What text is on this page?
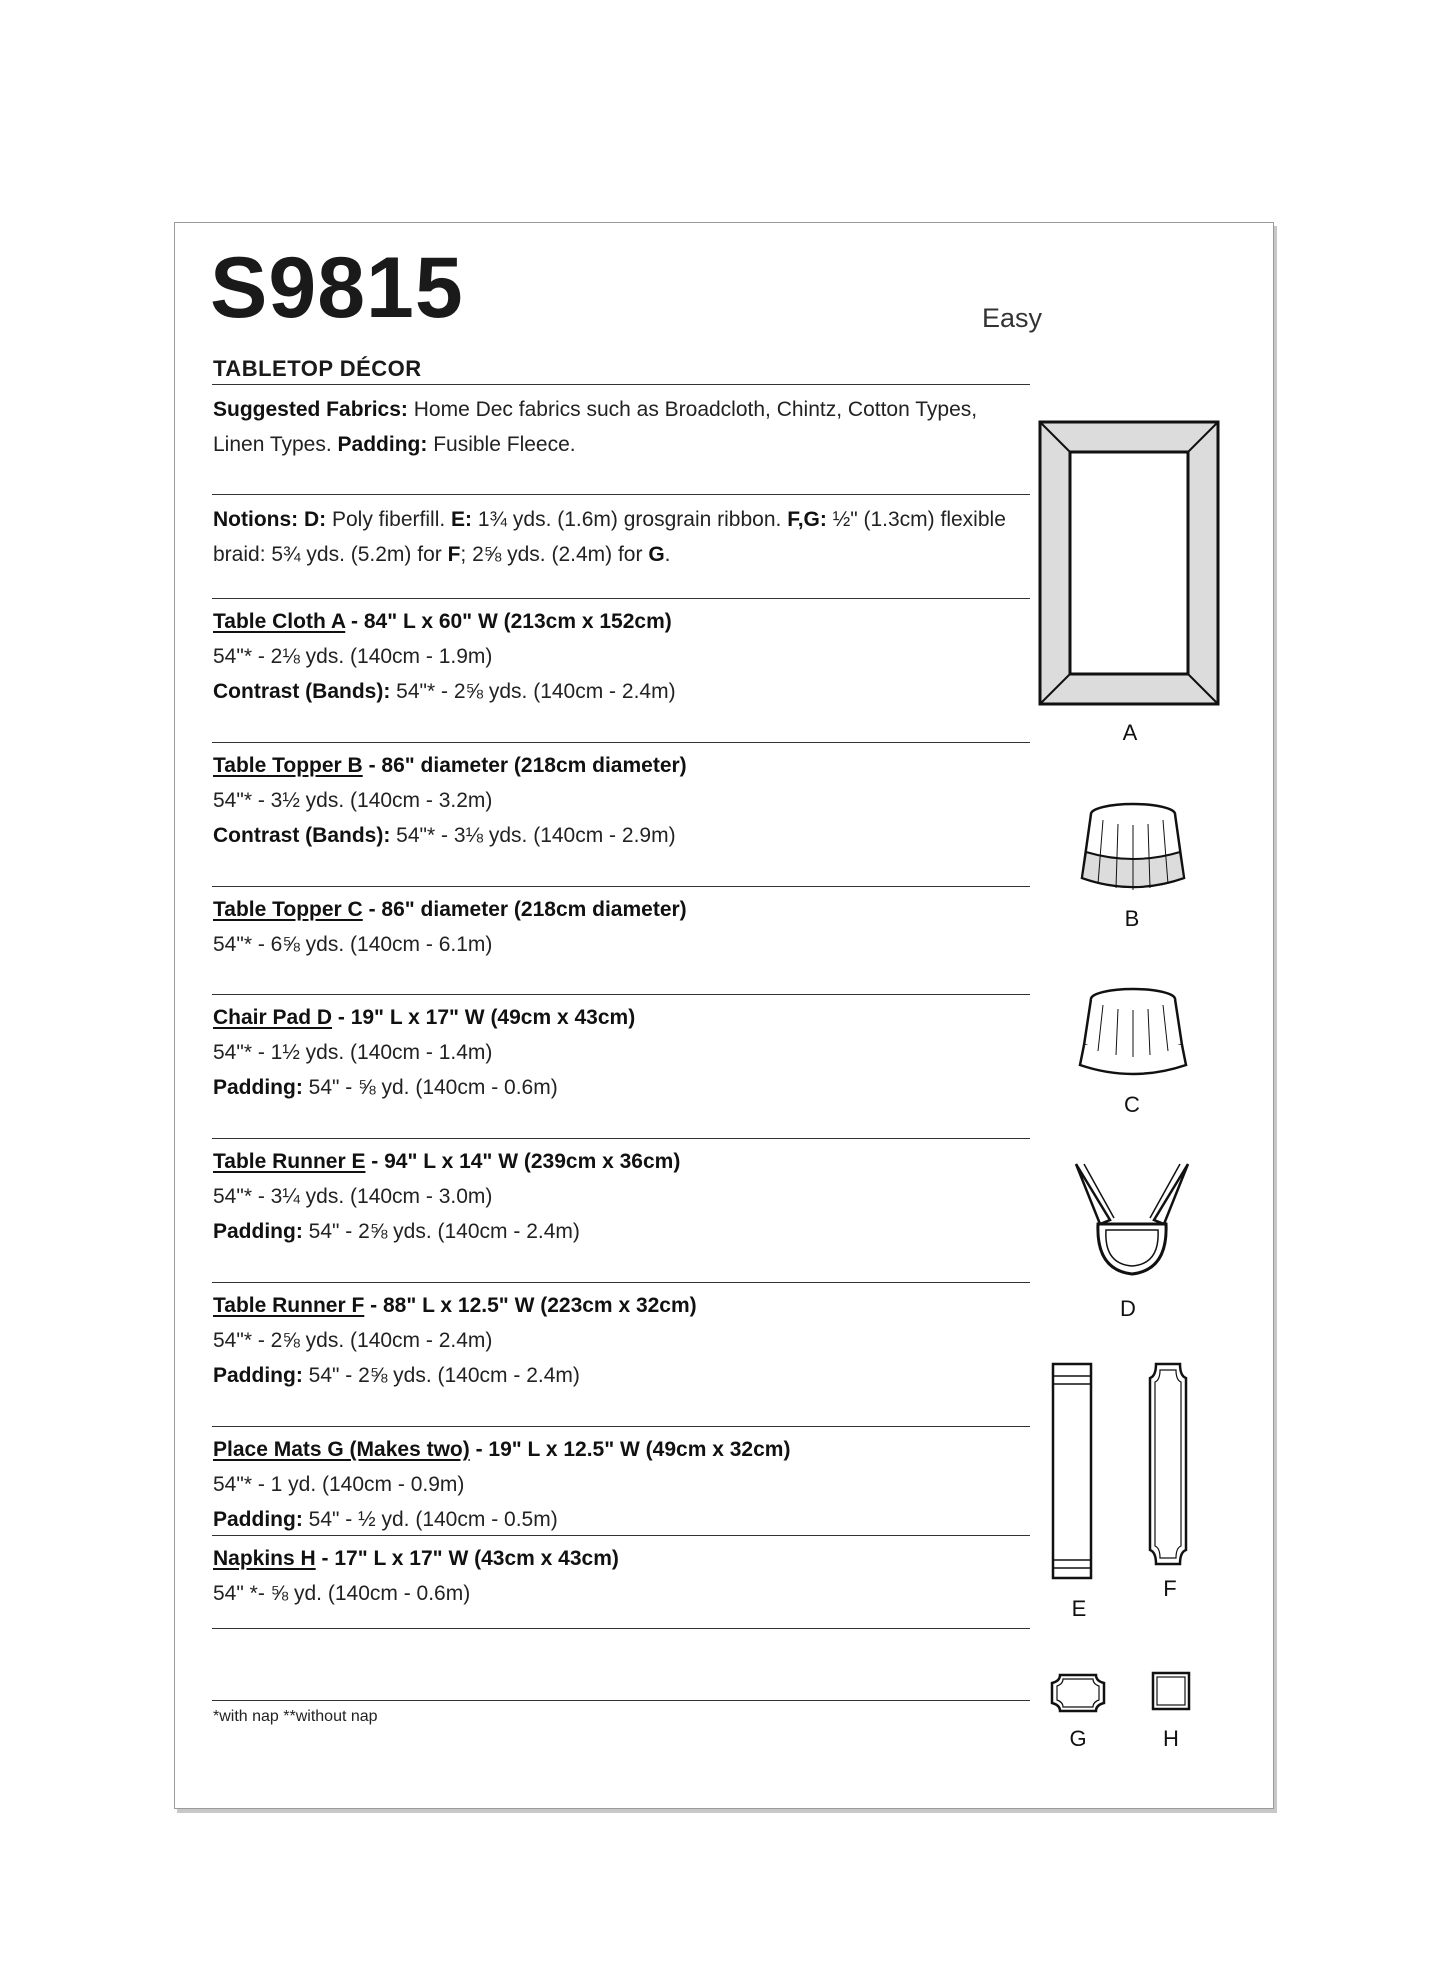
S9815	Easy
TABLETOP DÉCOR
Suggested Fabrics: Home Dec fabrics such as Broadcloth, Chintz, Cotton Types, Linen Types. Padding: Fusible Fleece.
Notions: D: Poly fiberfill. E: 1¾ yds. (1.6m) grosgrain ribbon. F,G: ½" (1.3cm) flexible braid: 5¾ yds. (5.2m) for F; 2⅝ yds. (2.4m) for G.
Table Cloth A - 84" L x 60" W (213cm x 152cm)
54"* - 2⅛ yds. (140cm - 1.9m)
Contrast (Bands): 54"* - 2⅝ yds. (140cm - 2.4m)
Table Topper B - 86" diameter (218cm diameter)
54"* - 3½ yds. (140cm - 3.2m)
Contrast (Bands): 54"* - 3⅛ yds. (140cm - 2.9m)
Table Topper C - 86" diameter (218cm diameter)
54"* - 6⅝ yds. (140cm - 6.1m)
Chair Pad D - 19" L x 17" W (49cm x 43cm)
54"* - 1½ yds. (140cm - 1.4m)
Padding: 54" - ⅝ yd. (140cm - 0.6m)
Table Runner E - 94" L x 14" W (239cm x 36cm)
54"* - 3¼ yds. (140cm - 3.0m)
Padding: 54" - 2⅝ yds. (140cm - 2.4m)
Table Runner F - 88" L x 12.5" W (223cm x 32cm)
54"* - 2⅝ yds. (140cm - 2.4m)
Padding: 54" - 2⅝ yds. (140cm - 2.4m)
Place Mats G (Makes two) - 19" L x 12.5" W (49cm x 32cm)
54"* - 1 yd. (140cm - 0.9m)
Padding: 54" - ½ yd. (140cm - 0.5m)
Napkins H - 17" L x 17" W (43cm x 43cm)
54" *- ⅝ yd. (140cm - 0.6m)
*with nap **without nap
A
B
C
D
E
F
G	H
